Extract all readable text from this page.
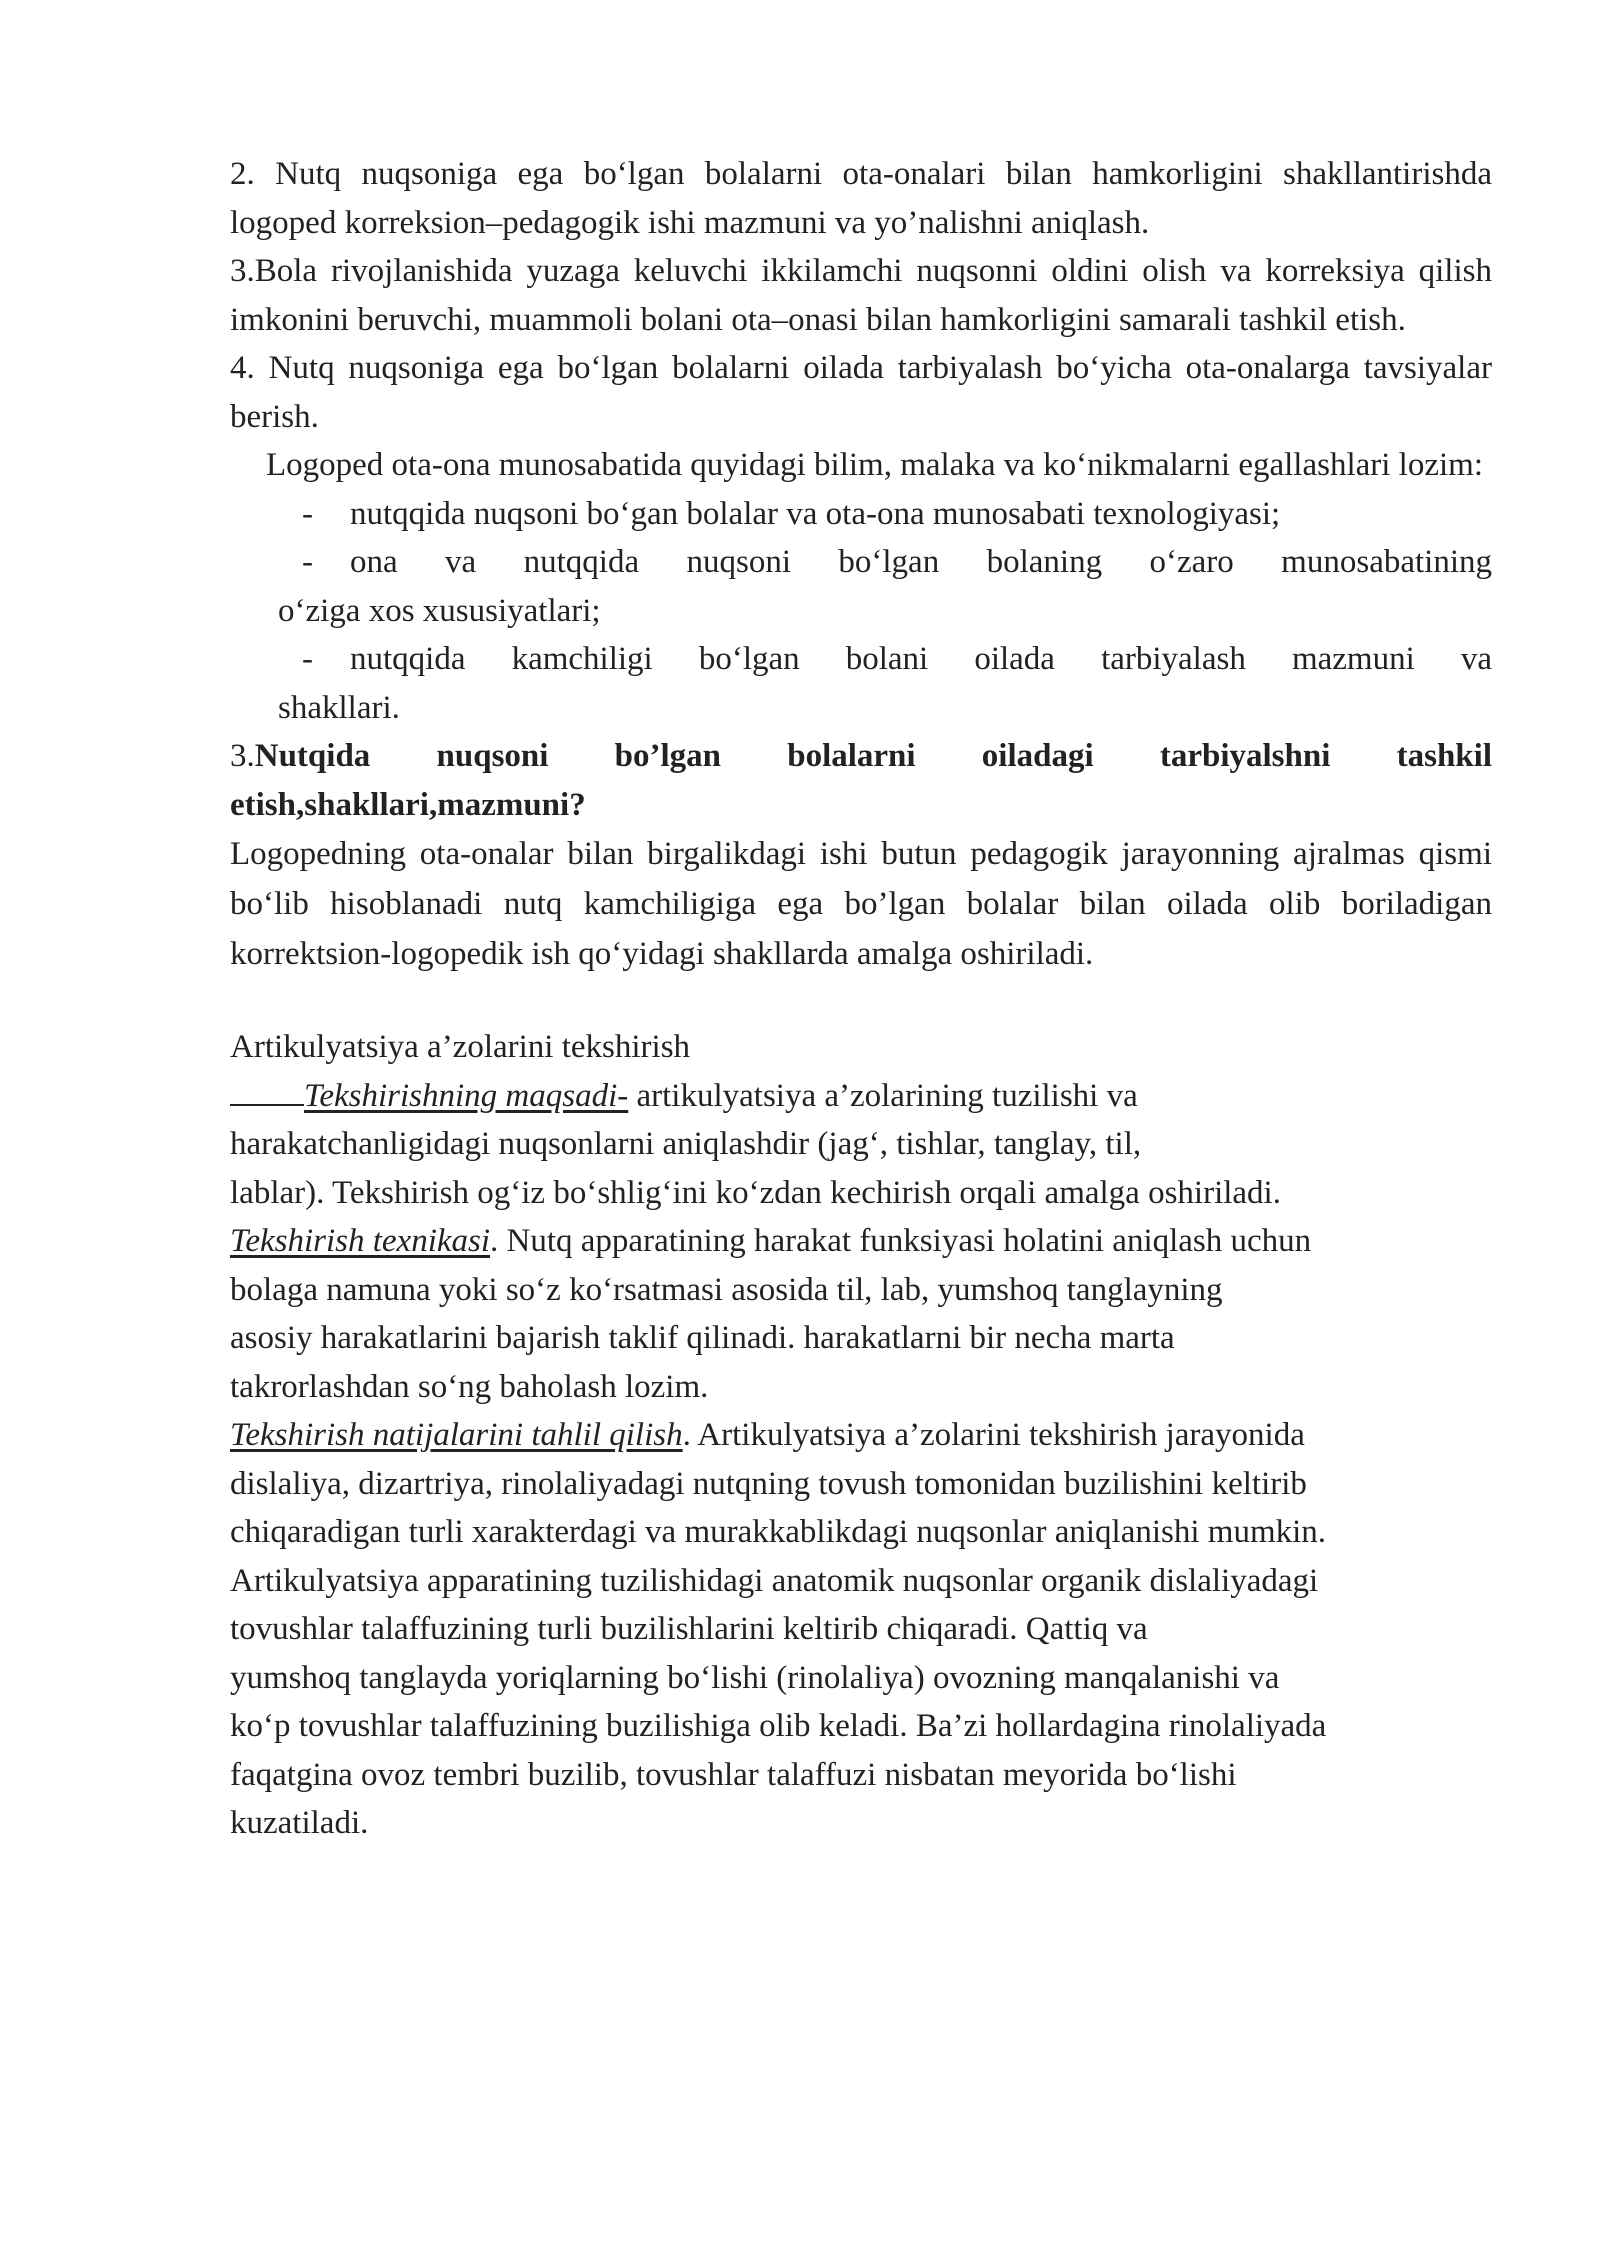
2. Nutq nuqsoniga ega bo‘lgan bolalarni ota-onalari bilan hamkorligini shakllantirishda logoped korreksion–pedagogik ishi mazmuni va yo’nalishni aniqlash.

3.Bola rivojlanishida yuzaga keluvchi ikkilamchi nuqsonni oldini olish va korreksiya qilish imkonini beruvchi, muammoli bolani ota–onasi bilan hamkorligini samarali tashkil etish.

4. Nutq nuqsoniga ega bo‘lgan bolalarni oilada tarbiyalash bo‘yicha ota-onalarga tavsiyalar berish.

Logoped ota-ona munosabatida quyidagi bilim, malaka va ko‘nikmalarni egallashlari lozim:

- nutqqida nuqsoni bo‘gan bolalar va ota-ona munosabati texnologiyasi;
- ona va nutqqida nuqsoni bo‘lgan bolaning o‘zaro munosabatining
o‘ziga xos xususiyatlari;
- nutqqida kamchiligi bo‘lgan bolani oilada tarbiyalash mazmuni va
shakllari.
3.Nutqida nuqsoni bo’lgan bolalarni oiladagi tarbiyalshni tashkil
etish,shakllari,mazmuni?

Logopedning ota-onalar bilan birgalikdagi ishi butun pedagogik jarayonning ajralmas qismi bo‘lib hisoblanadi nutq kamchiligiga ega bo’lgan bolalar bilan oilada olib boriladigan korrektsion-logopedik ish qo‘yidagi shakllarda amalga oshiriladi.

Artikulyatsiya a’zolarini tekshirish
Tekshirishning maqsadi- artikulyatsiya a’zolarining tuzilishi va
harakatchanligidagi nuqsonlarni aniqlashdir (jag‘, tishlar, tanglay, til,
lablar). Tekshirish og‘iz bo‘shlig‘ini ko‘zdan kechirish orqali amalga oshiriladi.
Tekshirish texnikasi. Nutq apparatining harakat funksiyasi holatini aniqlash uchun
bolaga namuna yoki so‘z ko‘rsatmasi asosida til, lab, yumshoq tanglayning
asosiy harakatlarini bajarish taklif qilinadi. harakatlarni bir necha marta
takrorlashdan so‘ng baholash lozim.
Tekshirish natijalarini tahlil qilish. Artikulyatsiya a’zolarini tekshirish jarayonida
dislaliya, dizartriya, rinolaliyadagi nutqning tovush tomonidan buzilishini keltirib
chiqaradigan turli xarakterdagi va murakkablikdagi nuqsonlar aniqlanishi mumkin.
Artikulyatsiya apparatining tuzilishidagi anatomik nuqsonlar organik dislaliyadagi
tovushlar talaffuzining turli buzilishlarini keltirib chiqaradi. Qattiq va
yumshoq tanglayda yoriqlarning bo‘lishi (rinolaliya) ovozning manqalanishi va
ko‘p tovushlar talaffuzining buzilishiga olib keladi. Ba’zi hollardagina rinolaliyada
faqatgina ovoz tembri buzilib, tovushlar talaffuzi nisbatan meyorida bo‘lishi
kuzatiladi.
